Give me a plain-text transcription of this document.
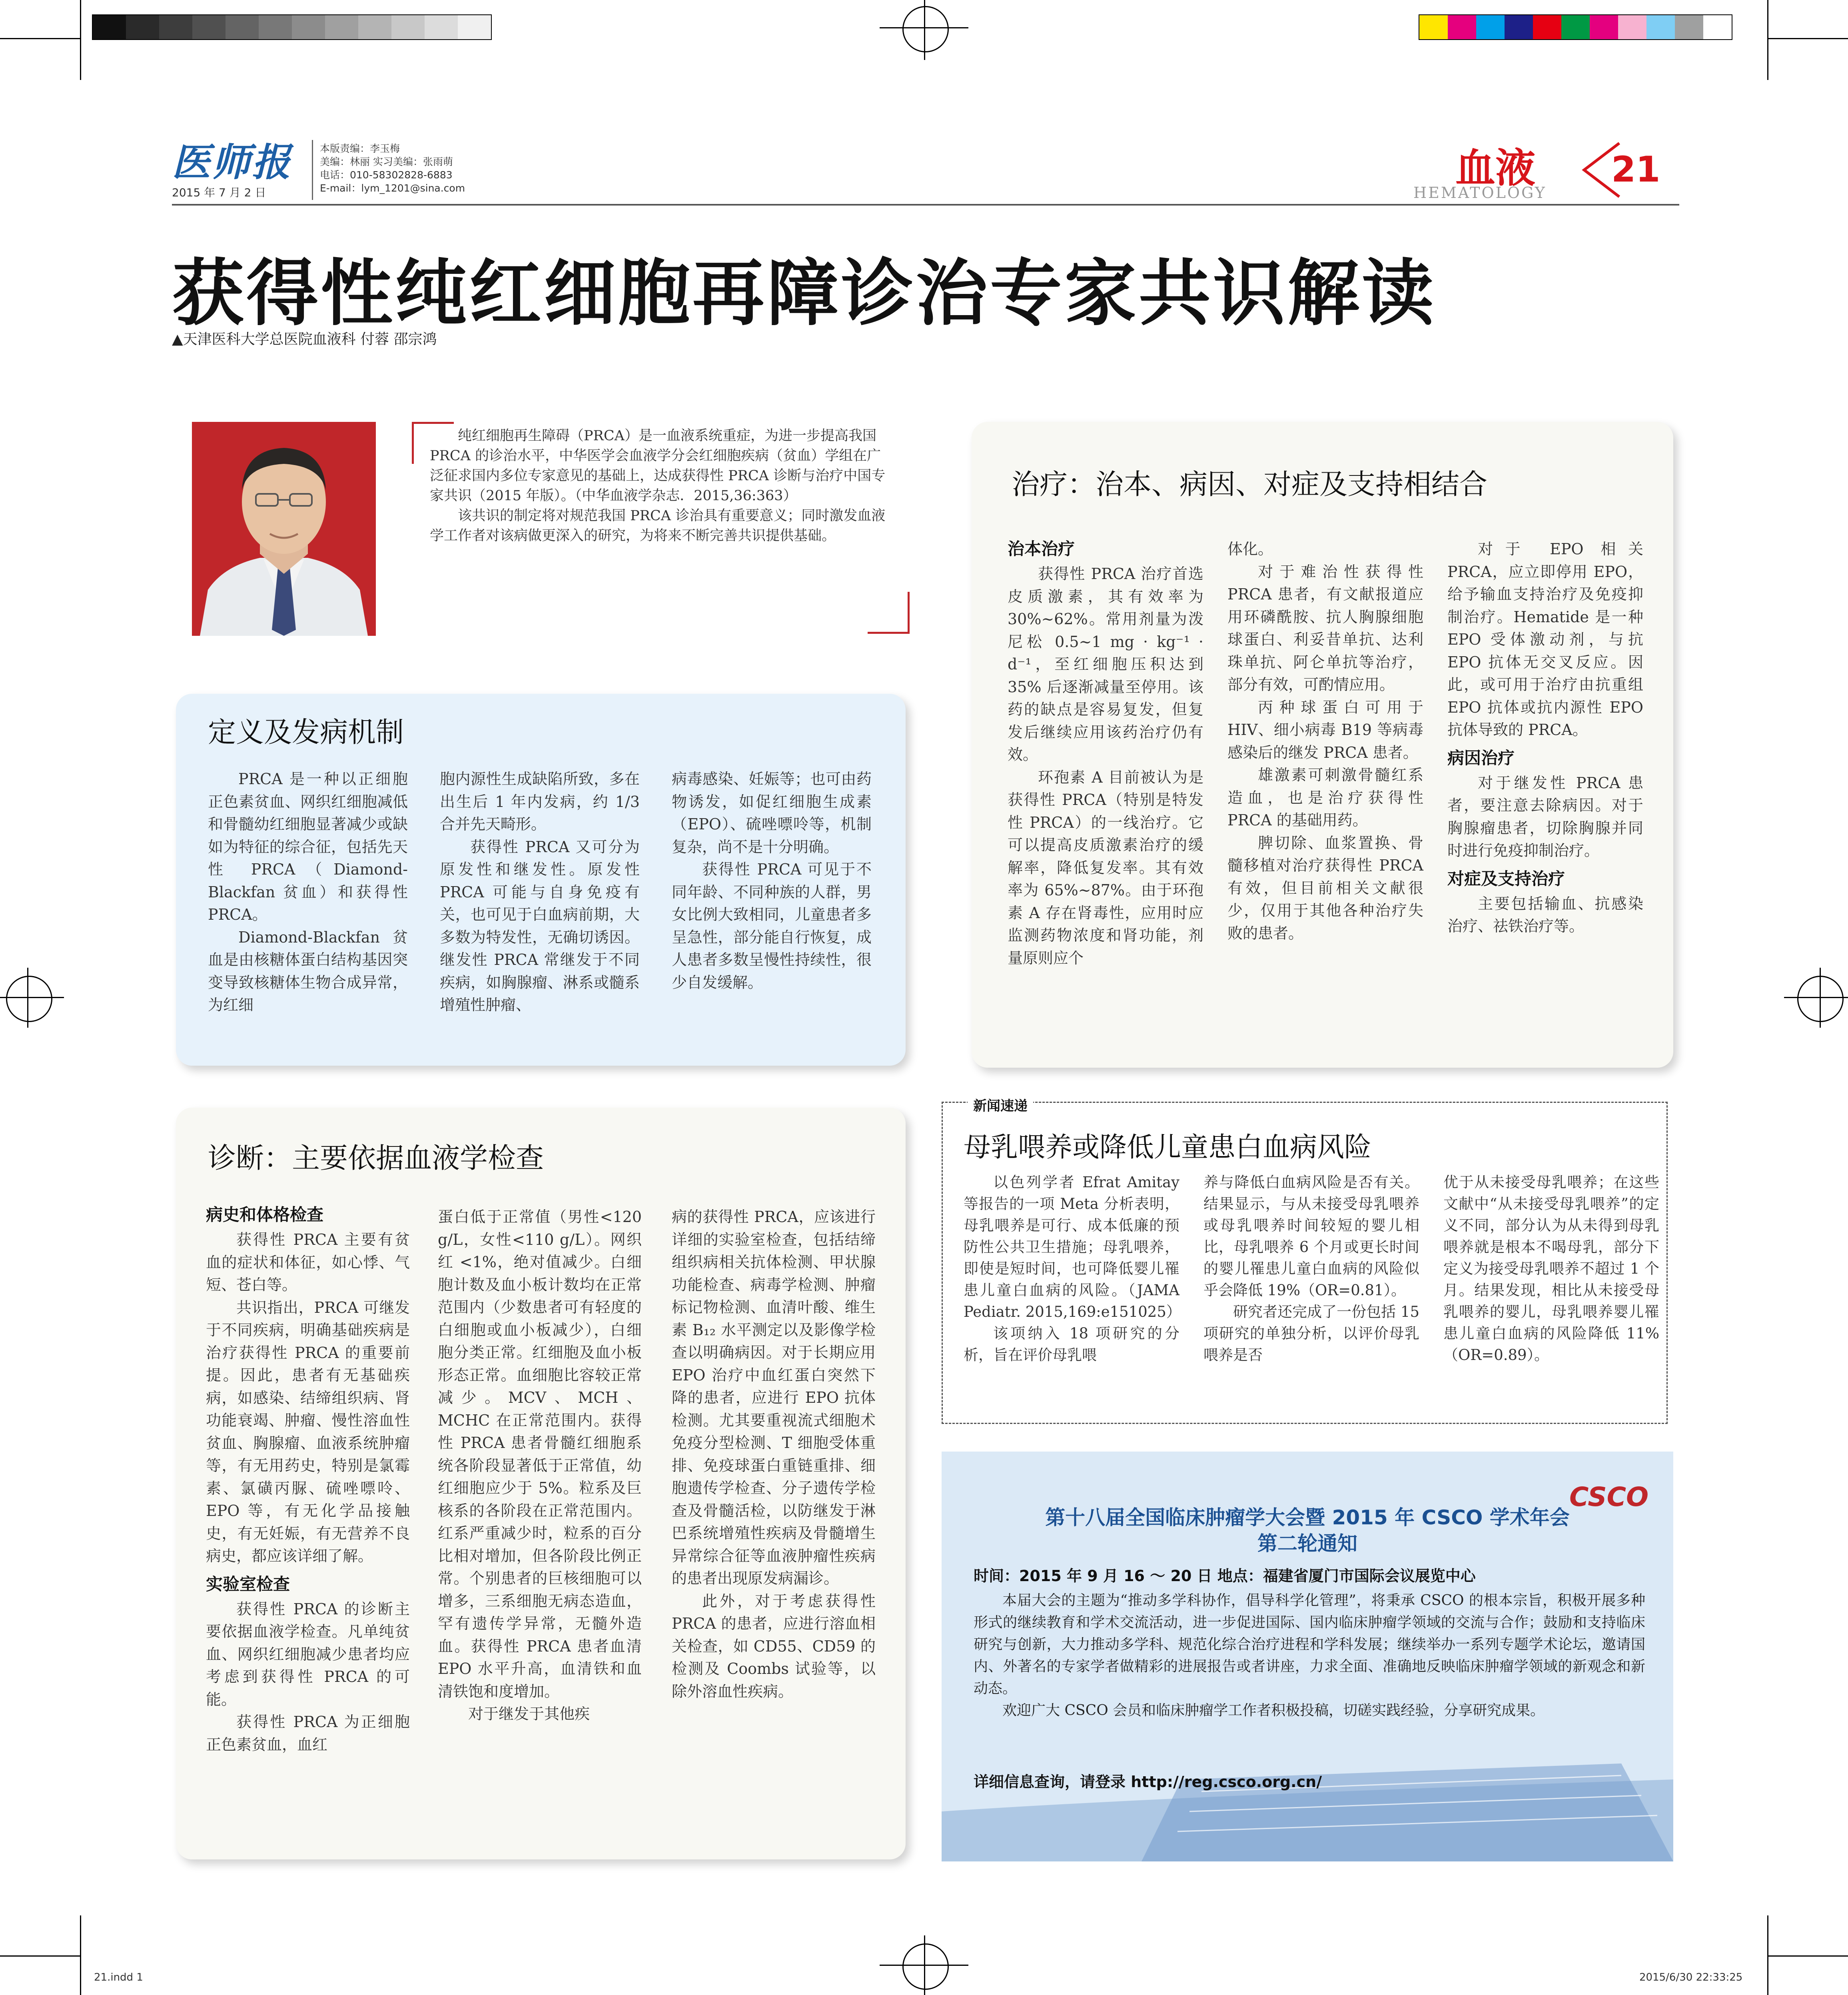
医师报
2015 年 7 月 2 日
本版责编：李玉梅
美编：林丽 实习美编：张雨萌
电话：010-58302828-6883
E-mail：lym_1201@sina.com	血液
HEMATOLOGY
21
获得性纯红细胞再障诊治专家共识解读
▲天津医科大学总医院血液科 付蓉 邵宗鸿

纯红细胞再生障碍（PRCA）是一血液系统重症，为进一步提高我国 PRCA 的诊治水平，中华医学会血液学分会红细胞疾病（贫血）学组在广泛征求国内多位专家意见的基础上，达成获得性 PRCA 诊断与治疗中国专家共识（2015 年版）。（中华血液学杂志．2015,36:363）

该共识的制定将对规范我国 PRCA 诊治具有重要意义；同时激发血液学工作者对该病做更深入的研究，为将来不断完善共识提供基础。

定义及发病机制

PRCA 是一种以正细胞正色素贫血、网织红细胞减低和骨髓幼红细胞显著减少或缺如为特征的综合征，包括先天性 PRCA（Diamond-Blackfan 贫血）和获得性 PRCA。

Diamond-Blackfan 贫血是由核糖体蛋白结构基因突变导致核糖体生物合成异常，为红细

胞内源性生成缺陷所致，多在出生后 1 年内发病，约 1/3 合并先天畸形。

获得性 PRCA 又可分为原发性和继发性。原发性 PRCA 可能与自身免疫有关，也可见于白血病前期，大多数为特发性，无确切诱因。继发性 PRCA 常继发于不同疾病，如胸腺瘤、淋系或髓系增殖性肿瘤、

病毒感染、妊娠等；也可由药物诱发，如促红细胞生成素（EPO）、硫唑嘌呤等，机制复杂，尚不是十分明确。

获得性 PRCA 可见于不同年龄、不同种族的人群，男女比例大致相同，儿童患者多呈急性，部分能自行恢复，成人患者多数呈慢性持续性，很少自发缓解。

治疗：治本、病因、对症及支持相结合
治本治疗

获得性 PRCA 治疗首选皮质激素，其有效率为 30%~62%。常用剂量为泼尼松 0.5~1 mg · kg⁻¹ · d⁻¹，至红细胞压积达到 35% 后逐渐减量至停用。该药的缺点是容易复发，但复发后继续应用该药治疗仍有效。

环孢素 A 目前被认为是获得性 PRCA（特别是特发性 PRCA）的一线治疗。它可以提高皮质激素治疗的缓解率，降低复发率。其有效率为 65%~87%。由于环孢素 A 存在肾毒性，应用时应监测药物浓度和肾功能，剂量原则应个

体化。

对于难治性获得性 PRCA 患者，有文献报道应用环磷酰胺、抗人胸腺细胞球蛋白、利妥昔单抗、达利珠单抗、阿仑单抗等治疗，部分有效，可酌情应用。

丙种球蛋白可用于 HIV、细小病毒 B19 等病毒感染后的继发 PRCA 患者。

雄激素可刺激骨髓红系造血，也是治疗获得性 PRCA 的基础用药。

脾切除、血浆置换、骨髓移植对治疗获得性 PRCA 有效，但目前相关文献很少，仅用于其他各种治疗失败的患者。

对于 EPO 相关 PRCA，应立即停用 EPO，给予输血支持治疗及免疫抑制治疗。Hematide 是一种 EPO 受体激动剂，与抗 EPO 抗体无交叉反应。因此，或可用于治疗由抗重组 EPO 抗体或抗内源性 EPO 抗体导致的 PRCA。

病因治疗

对于继发性 PRCA 患者，要注意去除病因。对于胸腺瘤患者，切除胸腺并同时进行免疫抑制治疗。

对症及支持治疗

主要包括输血、抗感染治疗、祛铁治疗等。

诊断：主要依据血液学检查
病史和体格检查

获得性 PRCA 主要有贫血的症状和体征，如心悸、气短、苍白等。

共识指出，PRCA 可继发于不同疾病，明确基础疾病是治疗获得性 PRCA 的重要前提。因此，患者有无基础疾病，如感染、结缔组织病、肾功能衰竭、肿瘤、慢性溶血性贫血、胸腺瘤、血液系统肿瘤等，有无用药史，特别是氯霉素、氯磺丙脲、硫唑嘌呤、EPO 等，有无化学品接触史，有无妊娠，有无营养不良病史，都应该详细了解。

实验室检查

获得性 PRCA 的诊断主要依据血液学检查。凡单纯贫血、网织红细胞减少患者均应考虑到获得性 PRCA 的可能。

获得性 PRCA 为正细胞正色素贫血，血红

蛋白低于正常值（男性<120 g/L，女性<110 g/L）。网织红 <1%，绝对值减少。白细胞计数及血小板计数均在正常范围内（少数患者可有轻度的白细胞或血小板减少），白细胞分类正常。红细胞及血小板形态正常。血细胞比容较正常减少。MCV、MCH、MCHC 在正常范围内。获得性 PRCA 患者骨髓红细胞系统各阶段显著低于正常值，幼红细胞应少于 5%。粒系及巨核系的各阶段在正常范围内。红系严重减少时，粒系的百分比相对增加，但各阶段比例正常。个别患者的巨核细胞可以增多，三系细胞无病态造血，罕有遗传学异常，无髓外造血。获得性 PRCA 患者血清 EPO 水平升高，血清铁和血清铁饱和度增加。

对于继发于其他疾

病的获得性 PRCA，应该进行详细的实验室检查，包括结缔组织病相关抗体检测、甲状腺功能检查、病毒学检测、肿瘤标记物检测、血清叶酸、维生素 B₁₂ 水平测定以及影像学检查以明确病因。对于长期应用 EPO 治疗中血红蛋白突然下降的患者，应进行 EPO 抗体检测。尤其要重视流式细胞术免疫分型检测、T 细胞受体重排、免疫球蛋白重链重排、细胞遗传学检查、分子遗传学检查及骨髓活检，以防继发于淋巴系统增殖性疾病及骨髓增生异常综合征等血液肿瘤性疾病的患者出现原发病漏诊。

此外，对于考虑获得性 PRCA 的患者，应进行溶血相关检查，如 CD55、CD59 的检测及 Coombs 试验等，以除外溶血性疾病。

新闻速递
母乳喂养或降低儿童患白血病风险

以色列学者 Efrat Amitay 等报告的一项 Meta 分析表明，母乳喂养是可行、成本低廉的预防性公共卫生措施；母乳喂养，即使是短时间，也可降低婴儿罹患儿童白血病的风险。（JAMA Pediatr. 2015,169:e151025）

该项纳入 18 项研究的分析，旨在评价母乳喂

养与降低白血病风险是否有关。结果显示，与从未接受母乳喂养或母乳喂养时间较短的婴儿相比，母乳喂养 6 个月或更长时间的婴儿罹患儿童白血病的风险似乎会降低 19%（OR=0.81）。

研究者还完成了一份包括 15 项研究的单独分析，以评价母乳喂养是否

优于从未接受母乳喂养；在这些文献中“从未接受母乳喂养”的定义不同，部分认为从未得到母乳喂养就是根本不喝母乳，部分下定义为接受母乳喂养不超过 1 个月。结果发现，相比从未接受母乳喂养的婴儿，母乳喂养婴儿罹患儿童白血病的风险降低 11%（OR=0.89）。

CSCO
第十八届全国临床肿瘤学大会暨 2015 年 CSCO 学术年会
第二轮通知
时间：2015 年 9 月 16 ～ 20 日 地点：福建省厦门市国际会议展览中心

本届大会的主题为“推动多学科协作，倡导科学化管理”，将秉承 CSCO 的根本宗旨，积极开展多种形式的继续教育和学术交流活动，进一步促进国际、国内临床肿瘤学领域的交流与合作；鼓励和支持临床研究与创新，大力推动多学科、规范化综合治疗进程和学科发展；继续举办一系列专题学术论坛，邀请国内、外著名的专家学者做精彩的进展报告或者讲座，力求全面、准确地反映临床肿瘤学领域的新观念和新动态。

欢迎广大 CSCO 会员和临床肿瘤学工作者积极投稿，切磋实践经验，分享研究成果。

详细信息查询，请登录 http://reg.csco.org.cn/
21.indd 1	2015/6/30 22:33:25
